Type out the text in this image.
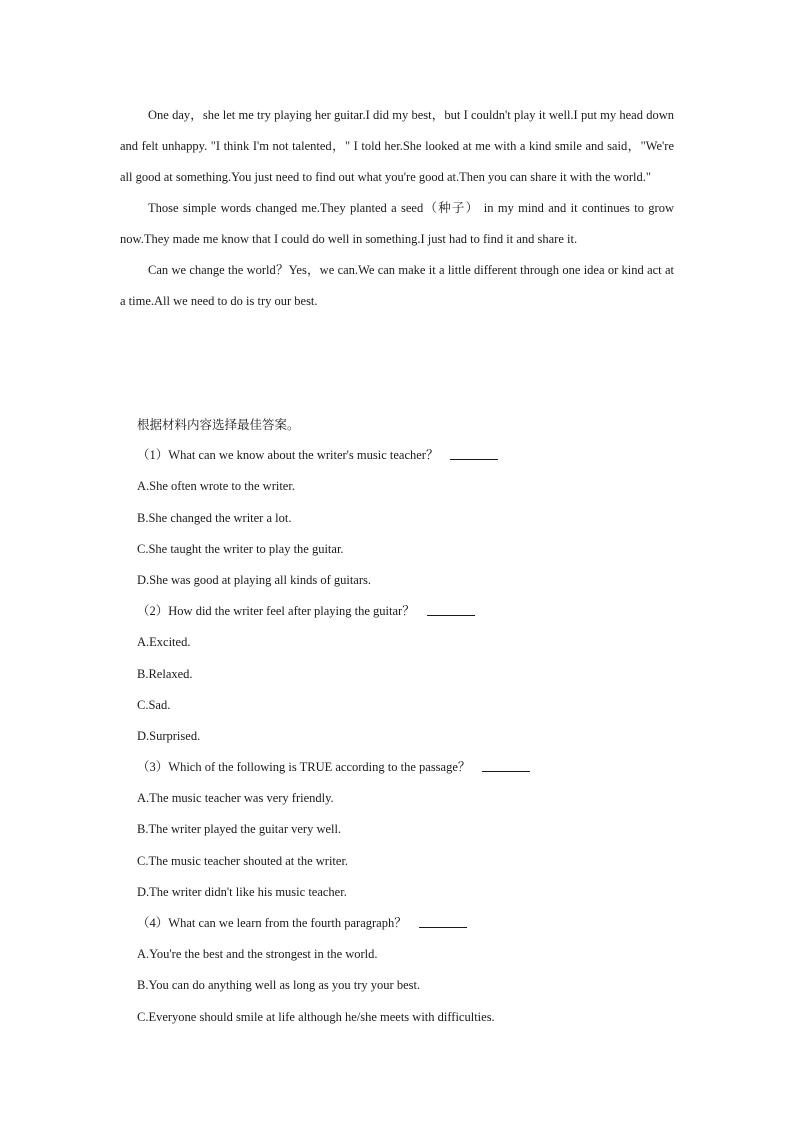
One day，she let me try playing her guitar.I did my best，but I couldn't play it well.I put my head down and felt unhappy. "I think I'm not talented，" I told her.She looked at me with a kind smile and said，"We're all good at something.You just need to find out what you're good at.Then you can share it with the world."

Those simple words changed me.They planted a seed（种子） in my mind and it continues to grow now.They made me know that I could do well in something.I just had to find it and share it.

Can we change the world？Yes，we can.We can make it a little different through one idea or kind act at a time.All we need to do is try our best.

根据材料内容选择最佳答案。

（1）What can we know about the writer's music teacher？

A.She often wrote to the writer.

B.She changed the writer a lot.

C.She taught the writer to play the guitar.

D.She was good at playing all kinds of guitars.

（2）How did the writer feel after playing the guitar？

A.Excited.

B.Relaxed.

C.Sad.

D.Surprised.

（3）Which of the following is TRUE according to the passage？

A.The music teacher was very friendly.

B.The writer played the guitar very well.

C.The music teacher shouted at the writer.

D.The writer didn't like his music teacher.

（4）What can we learn from the fourth paragraph？

A.You're the best and the strongest in the world.

B.You can do anything well as long as you try your best.

C.Everyone should smile at life although he/she meets with difficulties.
